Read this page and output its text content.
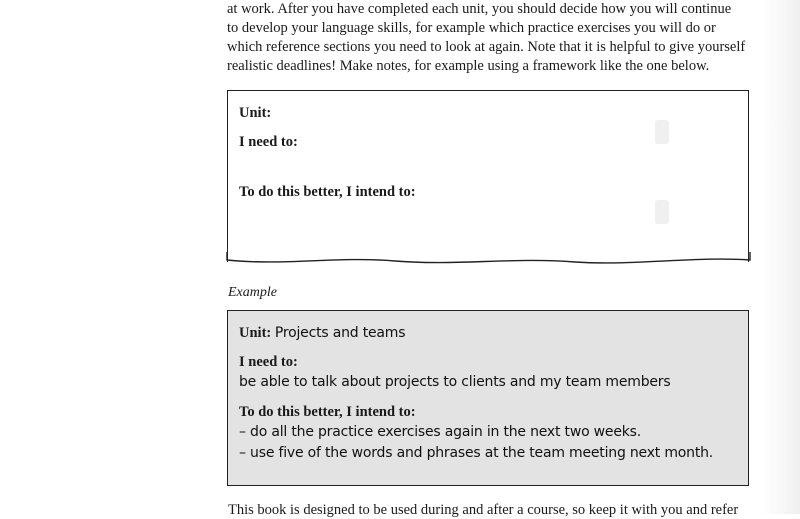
at work. After you have completed each unit, you should decide how you will continue
to develop your language skills, for example which practice exercises you will do or
which reference sections you need to look at again. Note that it is helpful to give yourself
realistic deadlines! Make notes, for example using a framework like the one below.

Unit:
I need to:
To do this better, I intend to:
Example
Unit: Projects and teams
I need to:
be able to talk about projects to clients and my team members
To do this better, I intend to:
– do all the practice exercises again in the next two weeks.
– use five of the words and phrases at the team meeting next month.
This book is designed to be used during and after a course, so keep it with you and refer
